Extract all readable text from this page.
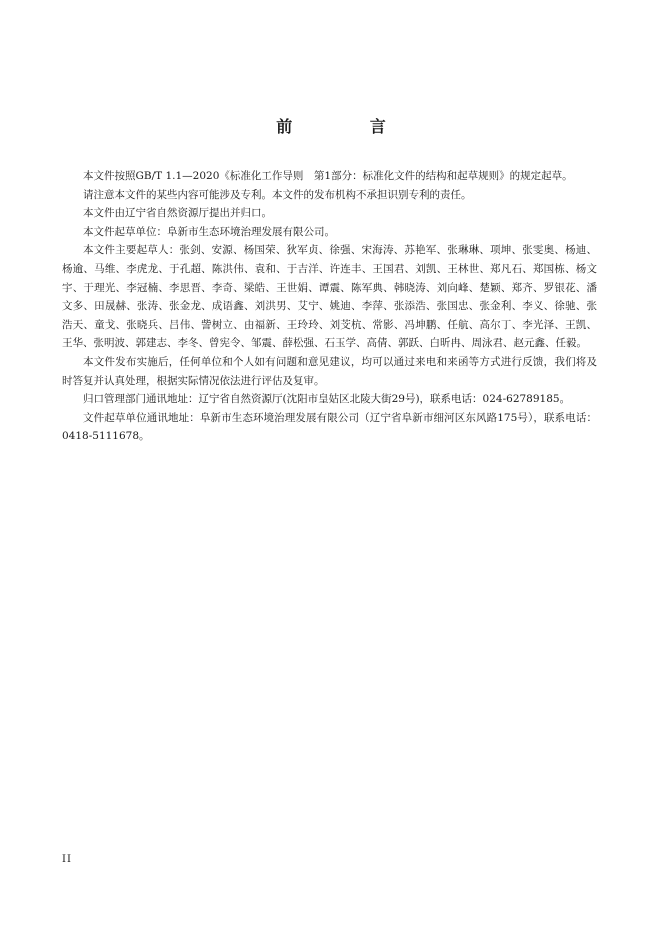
前 言

本文件按照GB/T 1.1—2020《标准化工作导则　第1部分：标准化文件的结构和起草规则》的规定起草。

请注意本文件的某些内容可能涉及专利。本文件的发布机构不承担识别专利的责任。

本文件由辽宁省自然资源厅提出并归口。

本文件起草单位：阜新市生态环境治理发展有限公司。

本文件主要起草人：张剑、安源、杨国荣、狄军贞、徐强、宋海涛、苏艳军、张琳琳、项坤、张雯奥、杨迪、杨逾、马维、李虎龙、于孔超、陈洪伟、袁和、于吉洋、许连丰、王国君、刘凯、王林世、郑凡石、郑国栋、杨文宇、于理光、李冠楠、李思晋、李奇、梁皓、王世娟、谭震、陈军典、韩晓涛、刘向峰、楚颖、郑齐、罗银花、潘文多、田晟赫、张涛、张金龙、成语鑫、刘洪男、艾宁、姚迪、李萍、张添浩、张国忠、张金利、李义、徐驰、张浩天、童戈、张晓兵、吕伟、訾树立、由福新、王玲玲、刘芠杭、常影、冯坤鹏、任航、高尔丁、李光泽、王凯、王华、张明波、郭建志、李冬、曾宪令、邹震、薛松强、石玉学、高倩、郭跃、白昕冉、周泳君、赵元鑫、任毅。

本文件发布实施后，任何单位和个人如有问题和意见建议，均可以通过来电和来函等方式进行反馈，我们将及时答复并认真处理，根据实际情况依法进行评估及复审。

归口管理部门通讯地址：辽宁省自然资源厅(沈阳市皇姑区北陵大街29号)，联系电话：024-62789185。

文件起草单位通讯地址：阜新市生态环境治理发展有限公司（辽宁省阜新市细河区东风路175号），联系电话：0418-5111678。

II
